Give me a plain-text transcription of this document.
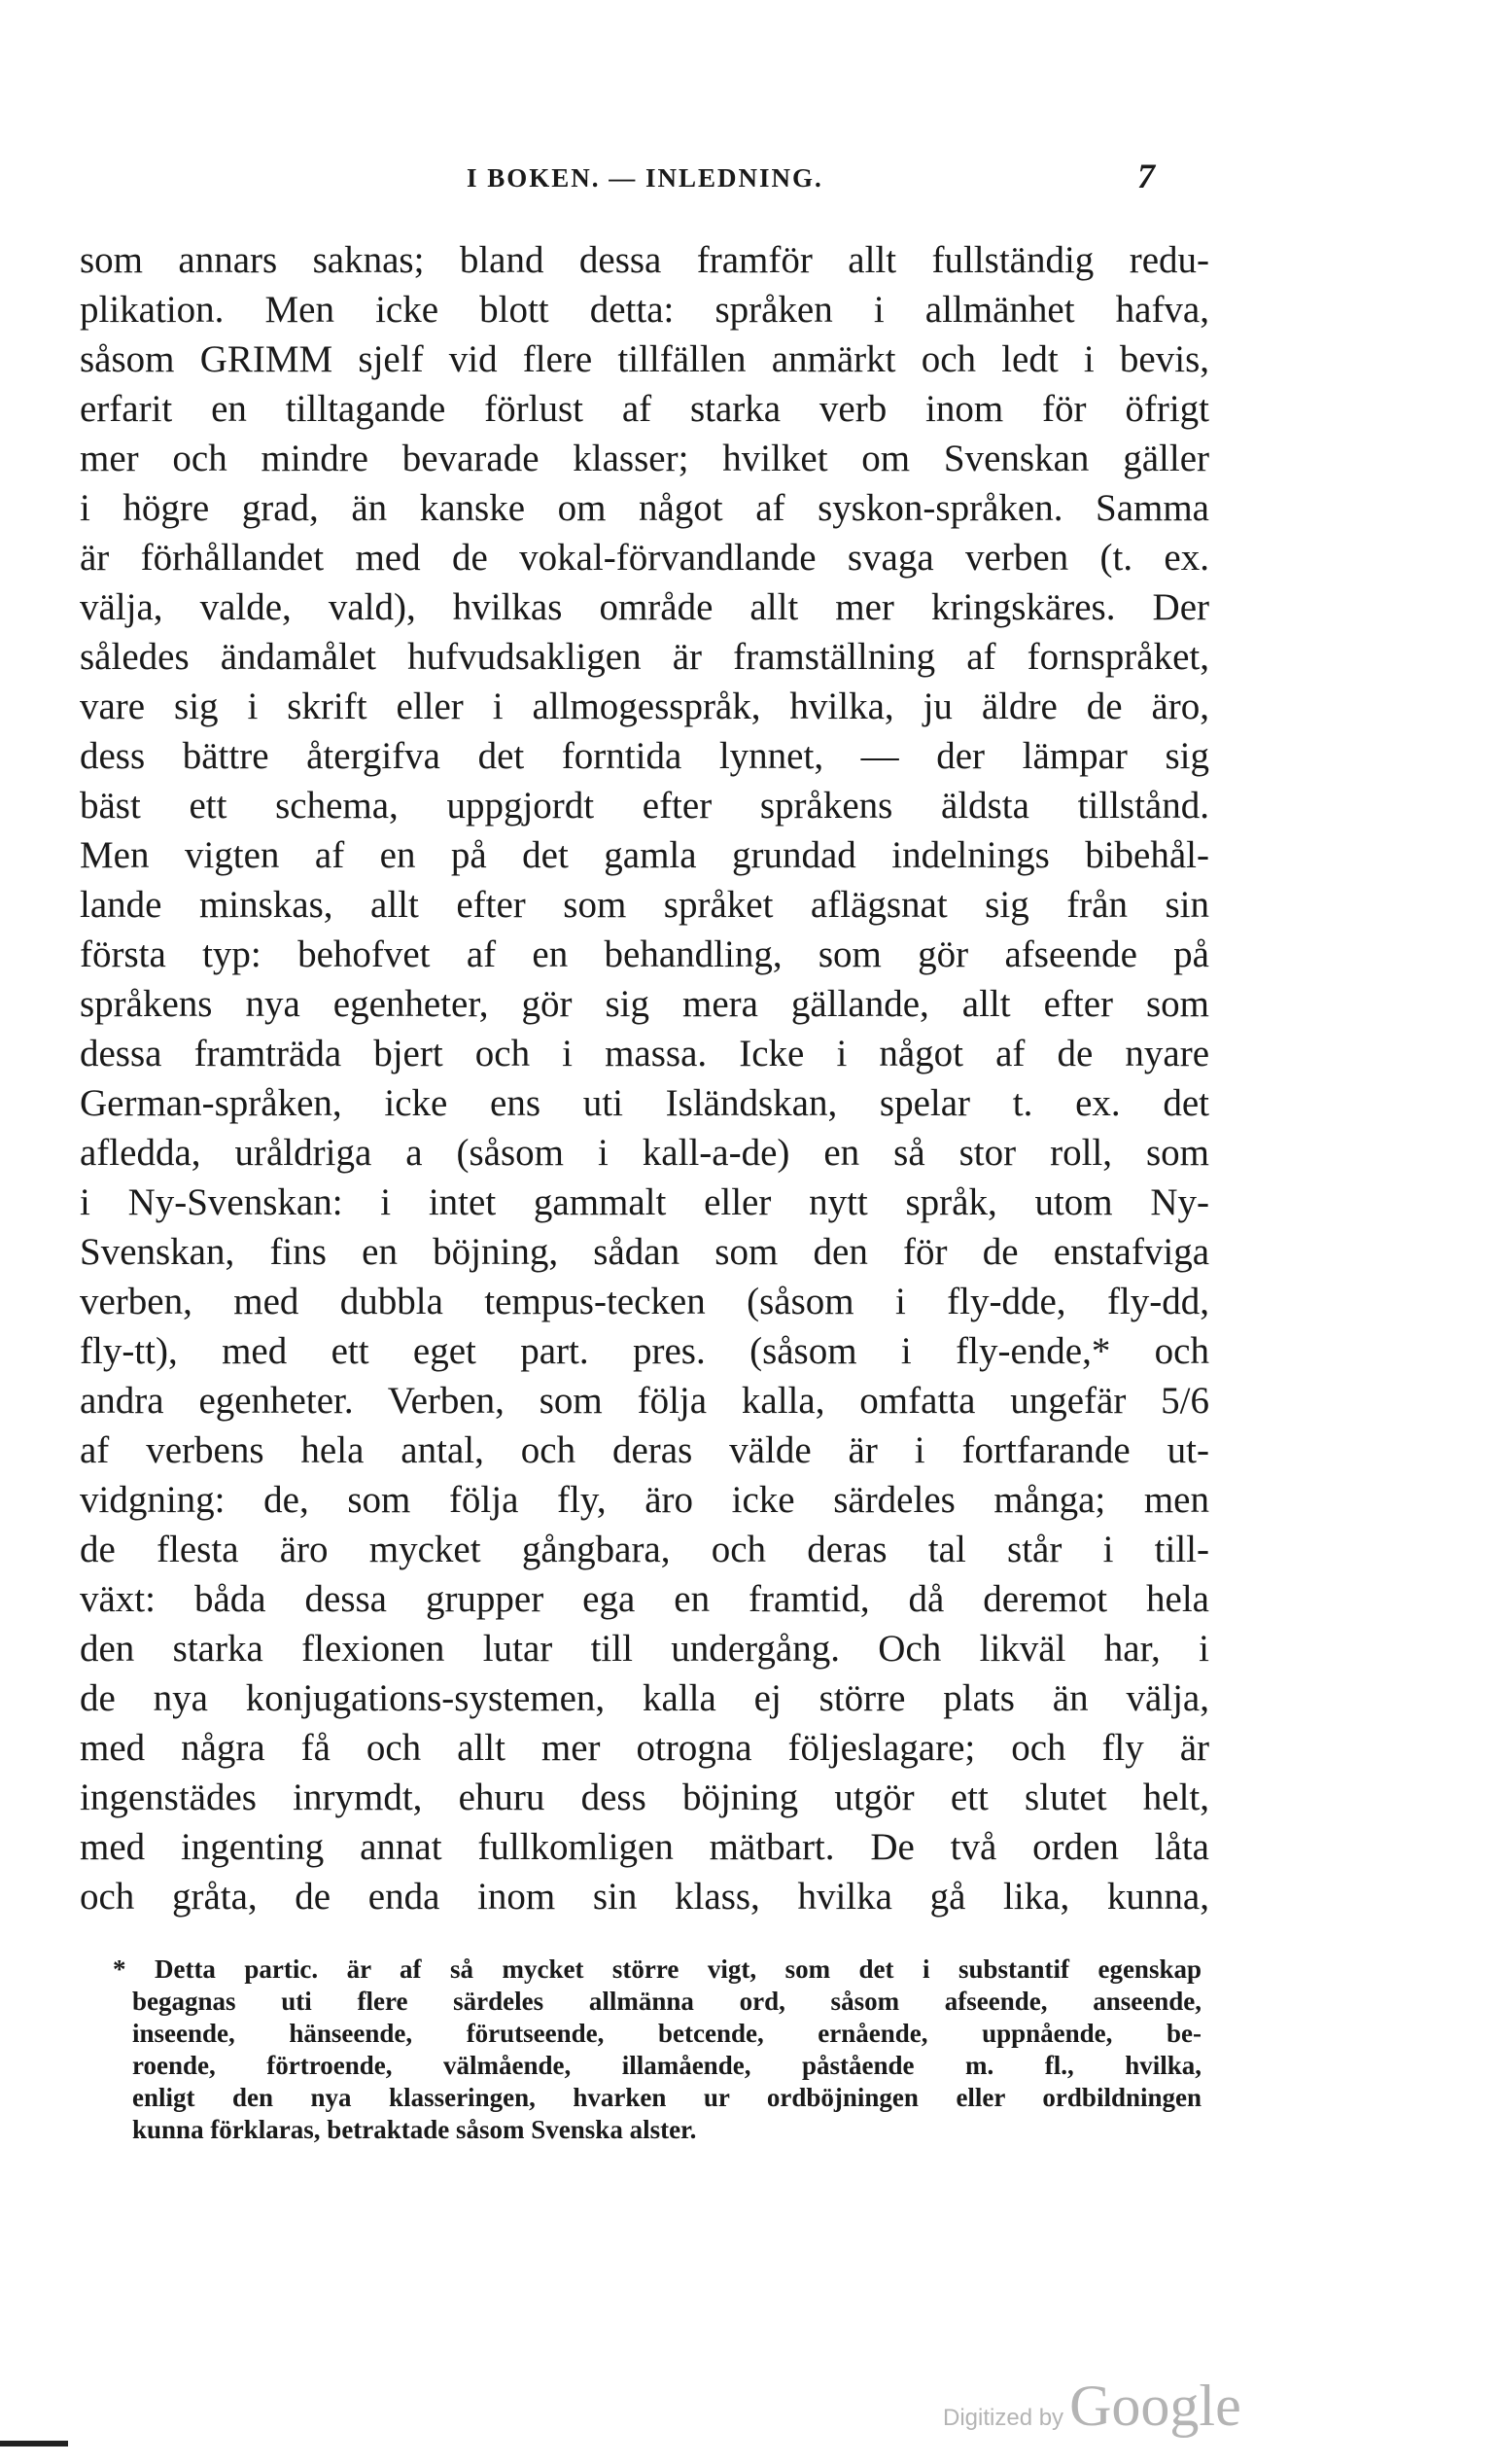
I BOKEN. — INLEDNING.	7
som annars saknas; bland dessa framför allt fullständig redu-
plikation. Men icke blott detta: språken i allmänhet hafva,
såsom GRIMM sjelf vid flere tillfällen anmärkt och ledt i bevis,
erfarit en tilltagande förlust af starka verb inom för öfrigt
mer och mindre bevarade klasser; hvilket om Svenskan gäller
i högre grad, än kanske om något af syskon-språken. Samma
är förhållandet med de vokal-förvandlande svaga verben (t. ex.
välja, valde, vald), hvilkas område allt mer kringskäres. Der
således ändamålet hufvudsakligen är framställning af fornspråket,
vare sig i skrift eller i allmogesspråk, hvilka, ju äldre de äro,
dess bättre återgifva det forntida lynnet, — der lämpar sig
bäst ett schema, uppgjordt efter språkens äldsta tillstånd.
Men vigten af en på det gamla grundad indelnings bibehål-
lande minskas, allt efter som språket aflägsnat sig från sin
första typ: behofvet af en behandling, som gör afseende på
språkens nya egenheter, gör sig mera gällande, allt efter som
dessa framträda bjert och i massa. Icke i något af de nyare
German-språken, icke ens uti Isländskan, spelar t. ex. det
afledda, uråldriga a (såsom i kall-a-de) en så stor roll, som
i Ny-Svenskan: i intet gammalt eller nytt språk, utom Ny-
Svenskan, fins en böjning, sådan som den för de enstafviga
verben, med dubbla tempus-tecken (såsom i fly-dde, fly-dd,
fly-tt), med ett eget part. pres. (såsom i fly-ende,* och
andra egenheter. Verben, som följa kalla, omfatta ungefär 5/6
af verbens hela antal, och deras välde är i fortfarande ut-
vidgning: de, som följa fly, äro icke särdeles många; men
de flesta äro mycket gångbara, och deras tal står i till-
växt: båda dessa grupper ega en framtid, då deremot hela
den starka flexionen lutar till undergång. Och likväl har, i
de nya konjugations-systemen, kalla ej större plats än välja,
med några få och allt mer otrogna följeslagare; och fly är
ingenstädes inrymdt, ehuru dess böjning utgör ett slutet helt,
med ingenting annat fullkomligen mätbart. De två orden låta
och gråta, de enda inom sin klass, hvilka gå lika, kunna,
* Detta partic. är af så mycket större vigt, som det i substantif egenskap
begagnas uti flere särdeles allmänna ord, såsom afseende, anseende,
inseende, hänseende, förutseende, betcende, ernående, uppnående, be-
roende, förtroende, välmående, illamående, påstående m. fl., hvilka,
enligt den nya klasseringen, hvarken ur ordböjningen eller ordbildningen
kunna förklaras, betraktade såsom Svenska alster.
Digitized by Google
